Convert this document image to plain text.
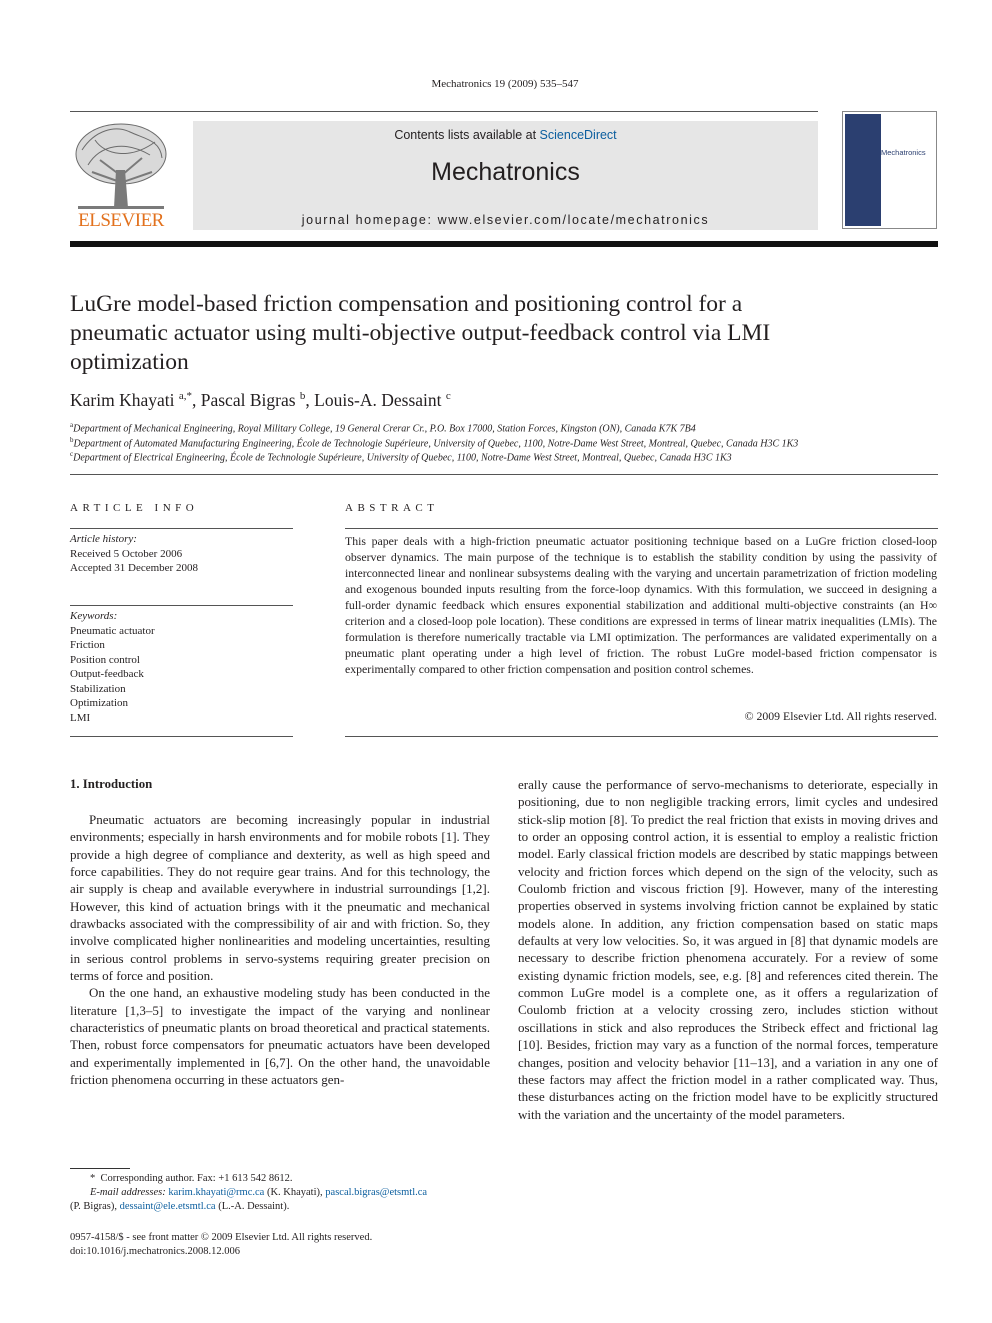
Mechatronics 19 (2009) 535–547
ELSEVIER
Contents lists available at ScienceDirect
Mechatronics
journal homepage: www.elsevier.com/locate/mechatronics
Mechatronics
LuGre model-based friction compensation and positioning control for a pneumatic actuator using multi-objective output-feedback control via LMI optimization
Karim Khayati $^{a,*}$, Pascal Bigras $^b$, Louis-A. Dessaint $^c$
$^a$Department of Mechanical Engineering, Royal Military College, 19 General Crerar Cr., P.O. Box 17000, Station Forces, Kingston (ON), Canada K7K 7B4
$^b$Department of Automated Manufacturing Engineering, École de Technologie Supérieure, University of Quebec, 1100, Notre-Dame West Street, Montreal, Quebec, Canada H3C 1K3
$^c$Department of Electrical Engineering, École de Technologie Supérieure, University of Quebec, 1100, Notre-Dame West Street, Montreal, Quebec, Canada H3C 1K3
ARTICLE INFO
Article history:
Received 5 October 2006
Accepted 31 December 2008
Keywords:
Pneumatic actuator
Friction
Position control
Output-feedback
Stabilization
Optimization
LMI
ABSTRACT
This paper deals with a high-friction pneumatic actuator positioning technique based on a LuGre friction closed-loop observer dynamics. The main purpose of the technique is to establish the stability condition by using the passivity of interconnected linear and nonlinear subsystems dealing with the varying and uncertain parametrization of friction modeling and exogenous bounded inputs resulting from the force-loop dynamics. With this formulation, we succeed in designing a full-order dynamic feedback which ensures exponential stabilization and additional multi-objective constraints (an H∞ criterion and a closed-loop pole location). These conditions are expressed in terms of linear matrix inequalities (LMIs). The formulation is therefore numerically tractable via LMI optimization. The performances are validated experimentally on a pneumatic plant operating under a high level of friction. The robust LuGre model-based friction compensator is experimentally compared to other friction compensation and position control schemes.
© 2009 Elsevier Ltd. All rights reserved.
1. Introduction

Pneumatic actuators are becoming increasingly popular in industrial environments; especially in harsh environments and for mobile robots [1]. They provide a high degree of compliance and dexterity, as well as high speed and force capabilities. They do not require gear trains. And for this technology, the air supply is cheap and available everywhere in industrial surroundings [1,2]. However, this kind of actuation brings with it the pneumatic and mechanical drawbacks associated with the compressibility of air and with friction. So, they involve complicated higher nonlinearities and modeling uncertainties, resulting in serious control problems in servo-systems requiring greater precision on terms of force and position.

On the one hand, an exhaustive modeling study has been conducted in the literature [1,3–5] to investigate the impact of the varying and nonlinear characteristics of pneumatic plants on broad theoretical and practical statements. Then, robust force compensators for pneumatic actuators have been developed and experimentally implemented in [6,7]. On the other hand, the unavoidable friction phenomena occurring in these actuators gen-

erally cause the performance of servo-mechanisms to deteriorate, especially in positioning, due to non negligible tracking errors, limit cycles and undesired stick-slip motion [8]. To predict the real friction that exists in moving drives and to order an opposing control action, it is essential to employ a realistic friction model. Early classical friction models are described by static mappings between velocity and friction forces which depend on the sign of the velocity, such as Coulomb friction and viscous friction [9]. However, many of the interesting properties observed in systems involving friction cannot be explained by static models alone. In addition, any friction compensation based on static maps defaults at very low velocities. So, it was argued in [8] that dynamic models are necessary to describe friction phenomena accurately. For a review of some existing dynamic friction models, see, e.g. [8] and references cited therein. The common LuGre model is a complete one, as it offers a regularization of Coulomb friction at a velocity crossing zero, includes stiction without oscillations in stick and also reproduces the Stribeck effect and frictional lag [10]. Besides, friction may vary as a function of the normal forces, temperature changes, position and velocity behavior [11–13], and a variation in any one of these factors may affect the friction model in a rather complicated way. Thus, these disturbances acting on the friction model have to be explicitly structured with the variation and the uncertainty of the model parameters.

* Corresponding author. Fax: +1 613 542 8612.
E-mail addresses: karim.khayati@rmc.ca (K. Khayati), pascal.bigras@etsmtl.ca
(P. Bigras), dessaint@ele.etsmtl.ca (L.-A. Dessaint).
0957-4158/$ - see front matter © 2009 Elsevier Ltd. All rights reserved.
doi:10.1016/j.mechatronics.2008.12.006
